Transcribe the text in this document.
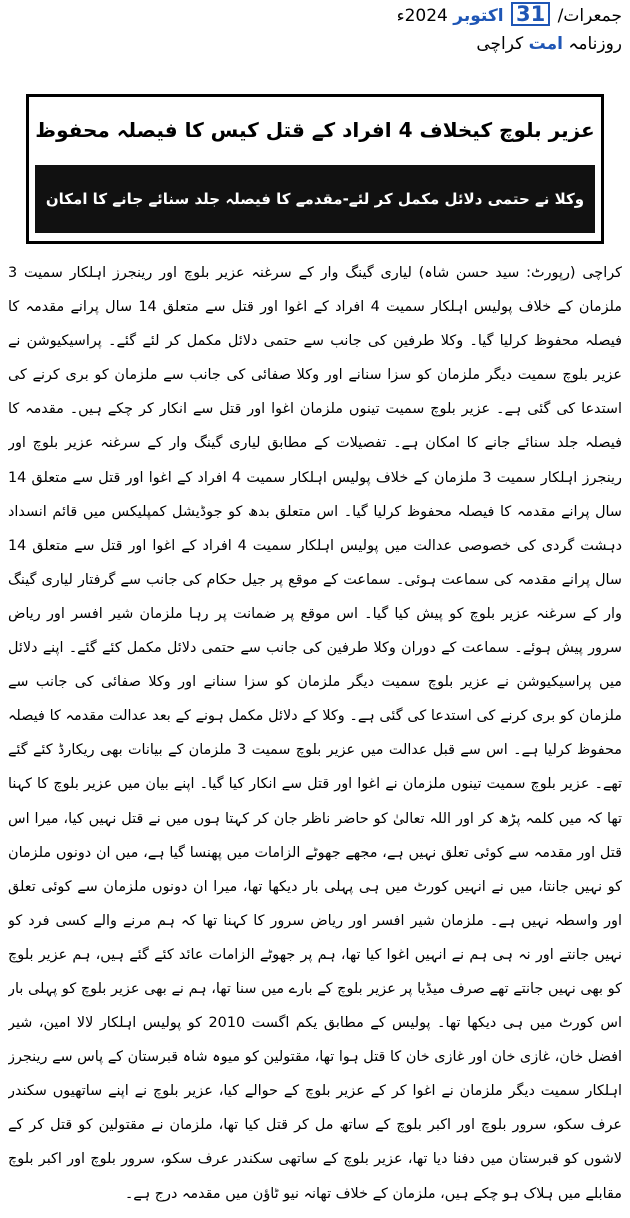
جمعرات/ 31 اکتوبر 2024ء
روزنامہ امت کراچی
عزیر بلوچ کیخلاف 4 افراد کے قتل کیس کا فیصلہ محفوظ
وکلا نے حتمی دلائل مکمل کر لئے-مقدمے کا فیصلہ جلد سنائے جانے کا امکان

کراچی (رپورٹ: سید حسن شاہ) لیاری گینگ وار کے سرغنہ عزیر بلوچ اور رینجرز اہلکار سمیت 3 ملزمان کے خلاف پولیس اہلکار سمیت 4 افراد کے اغوا اور قتل سے متعلق 14 سال پرانے مقدمہ کا فیصلہ محفوظ کرلیا گیا۔ وکلا طرفین کی جانب سے حتمی دلائل مکمل کر لئے گئے۔ پراسیکیوشن نے عزیر بلوچ سمیت دیگر ملزمان کو سزا سنانے اور وکلا صفائی کی جانب سے ملزمان کو بری کرنے کی استدعا کی گئی ہے۔ عزیر بلوچ سمیت تینوں ملزمان اغوا اور قتل سے انکار کر چکے ہیں۔ مقدمہ کا فیصلہ جلد سنائے جانے کا امکان ہے۔ تفصیلات کے مطابق لیاری گینگ وار کے سرغنہ عزیر بلوچ اور رینجرز اہلکار سمیت 3 ملزمان کے خلاف پولیس اہلکار سمیت 4 افراد کے اغوا اور قتل سے متعلق 14 سال پرانے مقدمہ کا فیصلہ محفوظ کرلیا گیا۔ اس متعلق بدھ کو جوڈیشل کمپلیکس میں قائم انسداد دہشت گردی کی خصوصی عدالت میں پولیس اہلکار سمیت 4 افراد کے اغوا اور قتل سے متعلق 14 سال پرانے مقدمہ کی سماعت ہوئی۔ سماعت کے موقع پر جیل حکام کی جانب سے گرفتار لیاری گینگ وار کے سرغنہ عزیر بلوچ کو پیش کیا گیا۔ اس موقع پر ضمانت پر رہا ملزمان شیر افسر اور ریاض سرور پیش ہوئے۔ سماعت کے دوران وکلا طرفین کی جانب سے حتمی دلائل مکمل کئے گئے۔ اپنے دلائل میں پراسیکیوشن نے عزیر بلوچ سمیت دیگر ملزمان کو سزا سنانے اور وکلا صفائی کی جانب سے ملزمان کو بری کرنے کی استدعا کی گئی ہے۔ وکلا کے دلائل مکمل ہونے کے بعد عدالت مقدمہ کا فیصلہ محفوظ کرلیا ہے۔ اس سے قبل عدالت میں عزیر بلوچ سمیت 3 ملزمان کے بیانات بھی ریکارڈ کئے گئے تھے۔ عزیر بلوچ سمیت تینوں ملزمان نے اغوا اور قتل سے انکار کیا گیا۔ اپنے بیان میں عزیر بلوچ کا کہنا تھا کہ میں کلمہ پڑھ کر اور اللہ تعالیٰ کو حاضر ناظر جان کر کہتا ہوں میں نے قتل نہیں کیا، میرا اس قتل اور مقدمہ سے کوئی تعلق نہیں ہے، مجھے جھوٹے الزامات میں پھنسا گیا ہے، میں ان دونوں ملزمان کو نہیں جانتا، میں نے انہیں کورٹ میں ہی پہلی بار دیکھا تھا، میرا ان دونوں ملزمان سے کوئی تعلق اور واسطہ نہیں ہے۔ ملزمان شیر افسر اور ریاض سرور کا کہنا تھا کہ ہم مرنے والے کسی فرد کو نہیں جانتے اور نہ ہی ہم نے انہیں اغوا کیا تھا، ہم پر جھوٹے الزامات عائد کئے گئے ہیں، ہم عزیر بلوچ کو بھی نہیں جانتے تھے صرف میڈیا پر عزیر بلوچ کے بارے میں سنا تھا، ہم نے بھی عزیر بلوچ کو پہلی بار اس کورٹ میں ہی دیکھا تھا۔ پولیس کے مطابق یکم اگست 2010 کو پولیس اہلکار لالا امین، شیر افضل خان، غازی خان اور غازی خان کا قتل ہوا تھا، مقتولین کو میوہ شاہ قبرستان کے پاس سے رینجرز اہلکار سمیت دیگر ملزمان نے اغوا کر کے عزیر بلوچ کے حوالے کیا، عزیر بلوچ نے اپنے ساتھیوں سکندر عرف سکو، سرور بلوچ اور اکبر بلوچ کے ساتھ مل کر قتل کیا تھا، ملزمان نے مقتولین کو قتل کر کے لاشوں کو قبرستان میں دفنا دیا تھا، عزیر بلوچ کے ساتھی سکندر عرف سکو، سرور بلوچ اور اکبر بلوچ مقابلے میں ہلاک ہو چکے ہیں، ملزمان کے خلاف تھانہ نیو ٹاؤن میں مقدمہ درج ہے۔
